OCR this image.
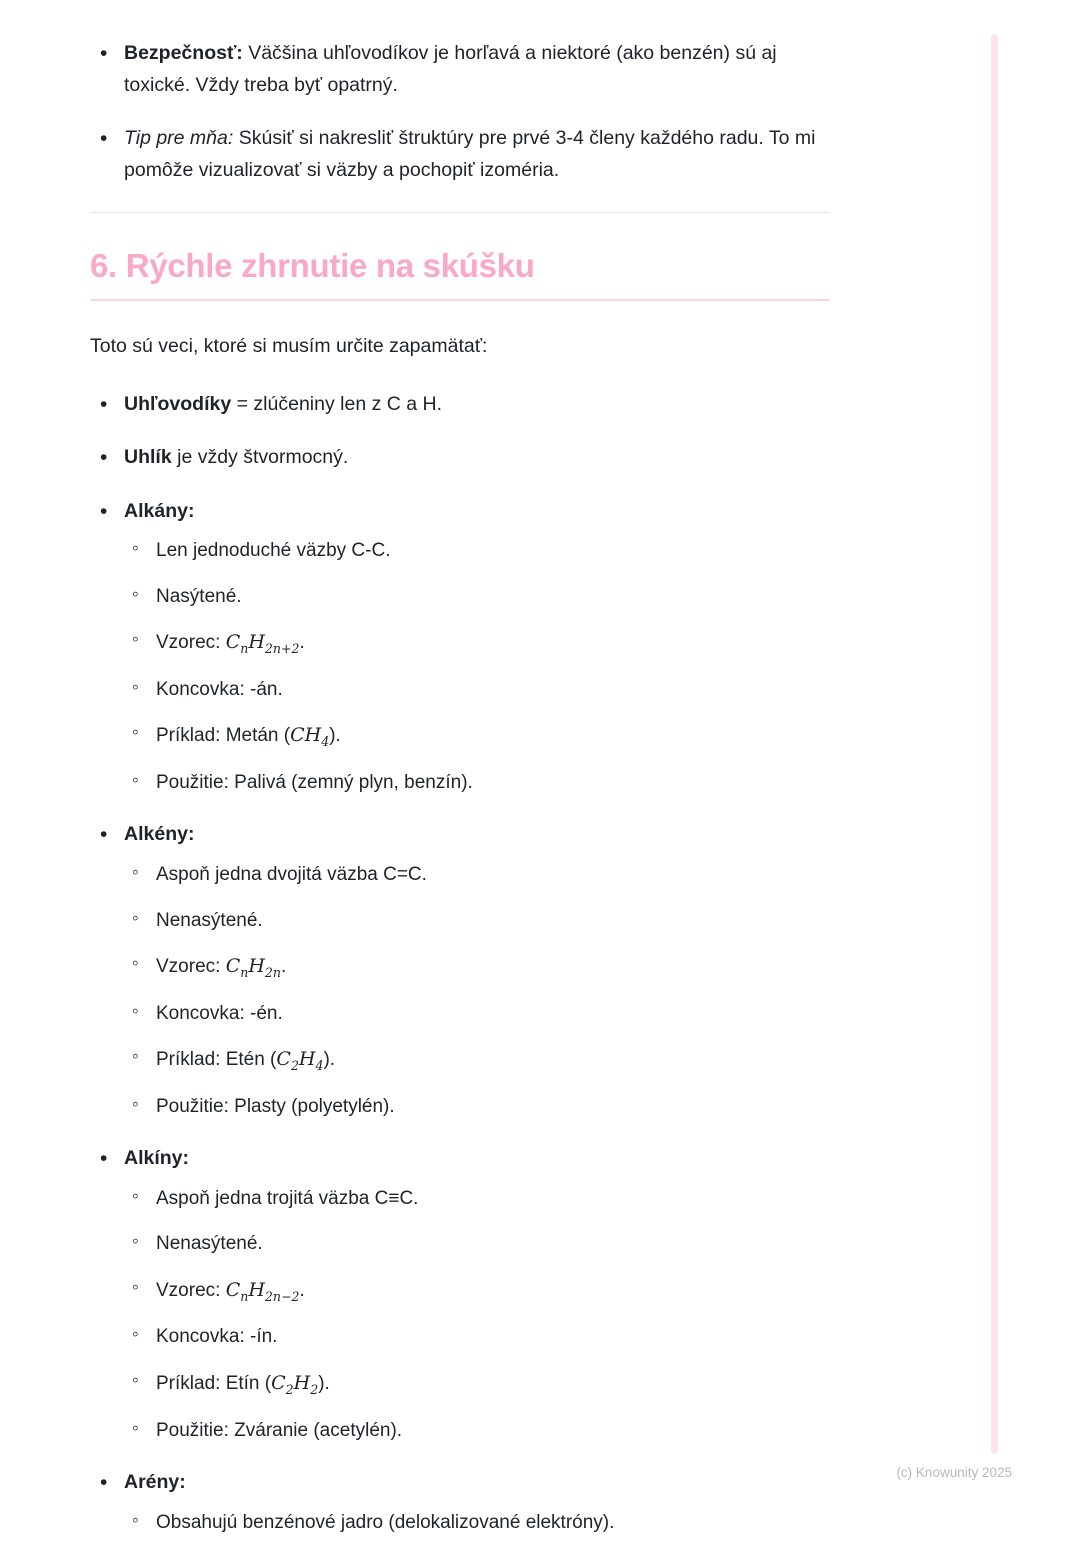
• Bezpečnosť: Väčšina uhľovodíkov je horľavá a niektoré (ako benzén) sú aj toxické. Vždy treba byť opatrný.
• Tip pre mňa: Skúsiť si nakresliť štruktúry pre prvé 3-4 členy každého radu. To mi pomôže vizualizovať si väzby a pochopiť izoméria.
6. Rýchle zhrnutie na skúšku

Toto sú veci, ktoré si musím určite zapamätať:

• Uhľovodíky = zlúčeniny len z C a H.
• Uhlík je vždy štvormocný.
• Alkány:
◦ Len jednoduché väzby C-C.
◦ Nasýtené.
◦ Vzorec: $C_nH_{2n+2}$.
◦ Koncovka: -án.
◦ Príklad: Metán $(CH_4)$.
◦ Použitie: Palivá (zemný plyn, benzín).
• Alkény:
◦ Aspoň jedna dvojitá väzba C=C.
◦ Nenasýtené.
◦ Vzorec: $C_nH_{2n}$.
◦ Koncovka: -én.
◦ Príklad: Etén $(C_2H_4)$.
◦ Použitie: Plasty (polyetylén).
• Alkíny:
◦ Aspoň jedna trojitá väzba C≡C.
◦ Nenasýtené.
◦ Vzorec: $C_nH_{2n-2}$.
◦ Koncovka: -ín.
◦ Príklad: Etín $(C_2H_2)$.
◦ Použitie: Zváranie (acetylén).
• Arény:
◦ Obsahujú benzénové jadro (delokalizované elektróny).
(c) Knowunity 2025
